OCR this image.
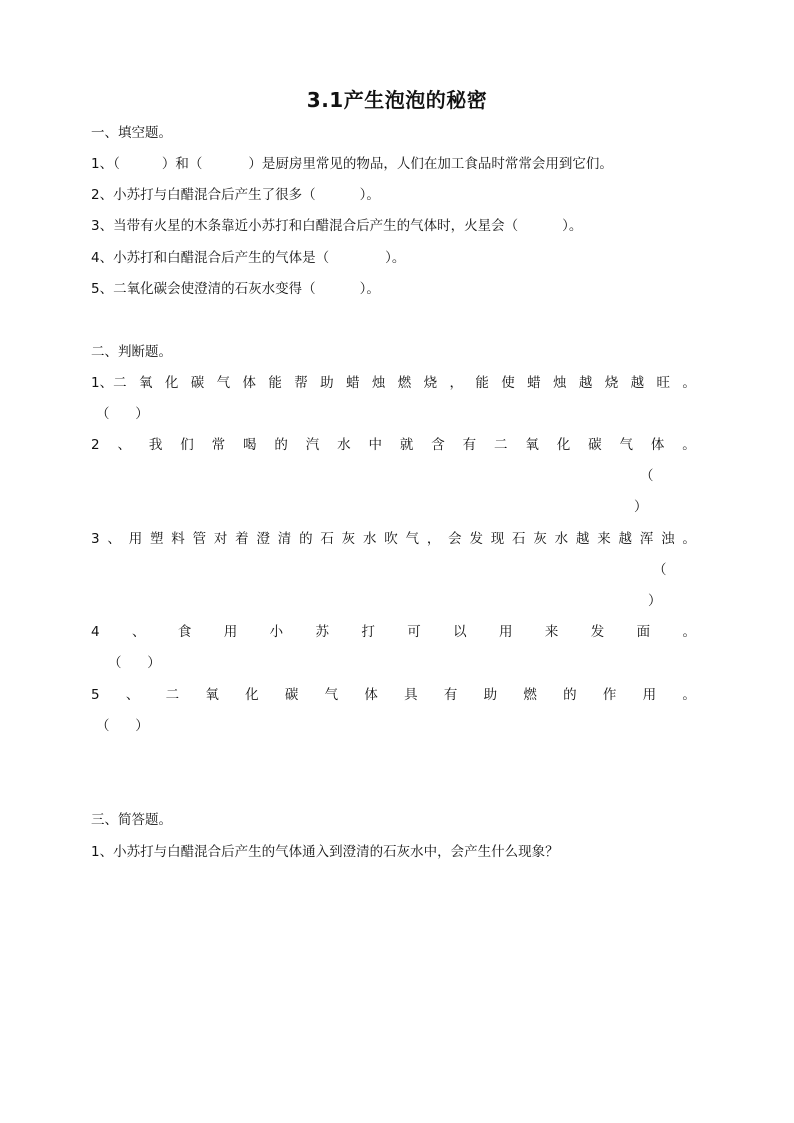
3.1产生泡泡的秘密
一、填空题。
1、（	）和（	）是厨房里常见的物品，人们在加工食品时常常会用到它们。
2、小苏打与白醋混合后产生了很多（	）。
3、当带有火星的木条靠近小苏打和白醋混合后产生的气体时，火星会（	）。
4、小苏打和白醋混合后产生的气体是（	）。
5、二氧化碳会使澄清的石灰水变得（	）。
二、判断题。
1、二 氧 化 碳 气 体 能 帮 助 蜡 烛 燃 烧 ， 能 使 蜡 烛 越 烧 越 旺 。
（      ）
2 、 我 们 常 喝 的 汽 水 中 就 含 有 二 氧 化 碳 气 体 。
（
）
3 、 用 塑 料 管 对 着 澄 清 的 石 灰 水 吹 气 ， 会 发 现 石 灰 水 越 来 越 浑 浊 。
（
）
4 、 食 用 小 苏 打 可 以 用 来 发 面 。
（      ）
5 、 二 氧 化 碳 气 体 具 有 助 燃 的 作 用 。
（      ）
三、简答题。
1、小苏打与白醋混合后产生的气体通入到澄清的石灰水中，会产生什么现象？
